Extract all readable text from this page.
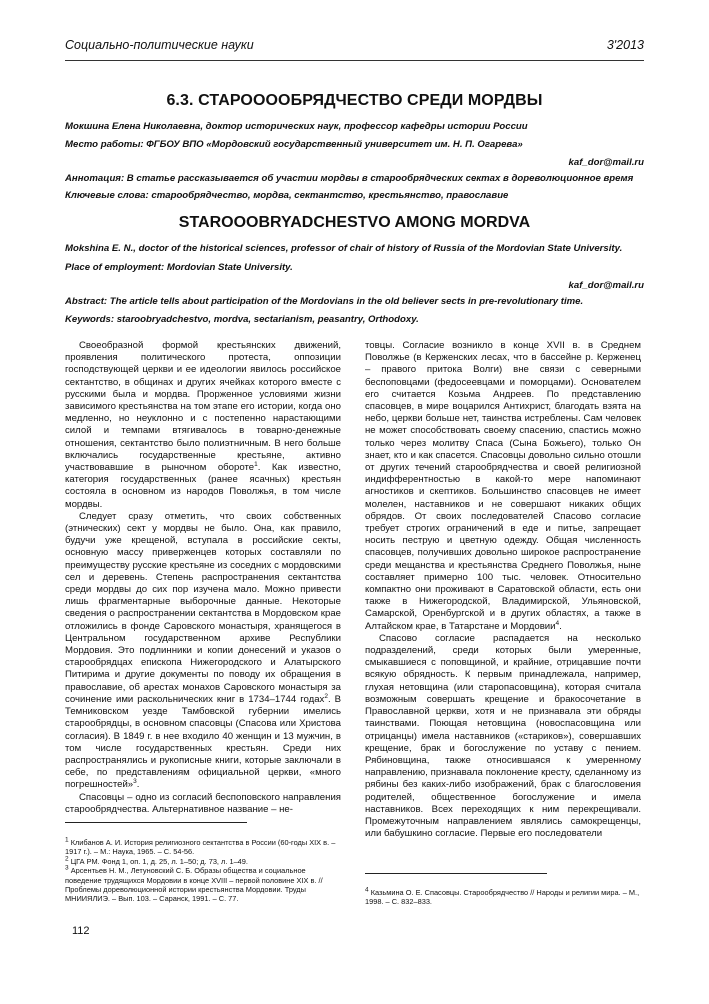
Социально-политические науки	3'2013
6.3. СТАРООООБРЯДЧЕСТВО СРЕДИ МОРДВЫ
Мокшина Елена Николаевна, доктор исторических наук, профессор кафедры истории России
Место работы: ФГБОУ ВПО «Мордовский государственный университет им. Н. П. Огарева»
kaf_dor@mail.ru
Аннотация: В статье рассказывается об участии мордвы в старообрядческих сектах в дореволюционное время
Ключевые слова: старообрядчество, мордва, сектантство, крестьянство, православие
STAROOOBRYADCHESTVO AMONG MORDVA
Mokshina E. N., doctor of the historical sciences, professor of chair of history of Russia of the Mordovian State University.
Place of employment: Mordovian State University.
kaf_dor@mail.ru
Abstract: The article tells about participation of the Mordovians in the old believer sects in pre-revolutionary time.
Keywords: staroobryadchestvo, mordva, sectarianism, peasantry, Orthodoxy.

Своеобразной формой крестьянских движений, проявления политического протеста, оппозиции господствующей церкви и ее идеологии явилось российское сектантство, в общинах и других ячейках которого вместе с русскими была и мордва. Прорженное условиями жизни зависимого крестьянства на том этапе его истории, когда оно медленно, но неуклонно и с постепенно нарастающими силой и темпами втягивалось в товарно-денежные отношения, сектантство было полиэтничным. В него больше включались государственные крестьяне, активно участвовавшие в рыночном обороте$^1$. Как известно, категория государственных (ранее ясачных) крестьян состояла в основном из народов Поволжья, в том числе мордвы.

Следует сразу отметить, что своих собственных (этнических) сект у мордвы не было. Она, как правило, будучи уже крещеной, вступала в российские секты, основную массу приверженцев которых составляли по преимуществу русские крестьяне из соседних с мордовскими сел и деревень. Степень распространения сектантства среди мордвы до сих пор изучена мало. Можно привести лишь фрагментарные выборочные данные. Некоторые сведения о распространении сектантства в Мордовском крае отложились в фонде Саровского монастыря, хранящегося в Центральном государственном архиве Республики Мордовия. Это подлинники и копии донесений и указов о старообрядцах епископа Нижегородского и Алатырского Питирима и другие документы по поводу их обращения в православие, об арестах монахов Саровского монастыря за сочинение ими раскольнических книг в 1734–1744 годах$^2$. В Темниковском уезде Тамбовской губернии имелись старообрядцы, в основном спасовцы (Спасова или Христова согласия). В 1849 г. в нее входило 40 женщин и 13 мужчин, в том числе государственных крестьян. Среди них распространялись и рукописные книги, которые заключали в себе, по представлениям официальной церкви, «много погрешностей»$^3$.

Спасовцы – одно из согласий беспоповского направления старообрядчества. Альтернативное название – не-

товцы. Согласие возникло в конце XVII в. в Среднем Поволжье (в Керженских лесах, что в бассейне р. Керженец – правого притока Волги) вне связи с северными беспоповцами (федосеевцами и поморцами). Основателем его считается Козьма Андреев. По представлению спасовцев, в мире воцарился Антихрист, благодать взята на небо, церкви больше нет, таинства истреблены. Сам человек не может способствовать своему спасению, спастись можно только через молитву Спаса (Сына Божьего), только Он знает, кто и как спасется. Спасовцы довольно сильно отошли от других течений старообрядчества и своей религиозной индифферентностью в какой-то мере напоминают агностиков и скептиков. Большинство спасовцев не имеет молелен, наставников и не совершают никаких общих обрядов. От своих последователей Спасово согласие требует строгих ограничений в еде и питье, запрещает носить пеструю и цветную одежду. Общая численность спасовцев, получивших довольно широкое распространение среди мещанства и крестьянства Среднего Поволжья, ныне составляет примерно 100 тыс. человек. Относительно компактно они проживают в Саратовской области, есть они также в Нижегородской, Владимирской, Ульяновской, Самарской, Оренбургской и в других областях, а также в Алтайском крае, в Татарстане и Мордовии$^4$.

Спасово согласие распадается на несколько подразделений, среди которых были умеренные, смыкавшиеся с поповщиной, и крайние, отрицавшие почти всякую обрядность. К первым принадлежала, например, глухая нетовщина (или старопасовщина), которая считала возможным совершать крещение и бракосочетание в Православной церкви, хотя и не признавала эти обряды таинствами. Поющая нетовщина (новоспасовщина или отрицанцы) имела наставников («стариков»), совершавших крещение, брак и богослужение по уставу с пением. Рябиновщина, также относившаяся к умеренному направлению, признавала поклонение кресту, сделанному из рябины без каких-либо изображений, брак с благословения родителей, общественное богослужение и имела наставников. Всех переходящих к ним перекрещивали. Промежуточным направлением являлись самокрещенцы, или бабушкино согласие. Первые его последователи

$^1$ Клибанов А. И. История религиозного сектантства в России (60-годы XIX в. – 1917 г.). – М.: Наука, 1965. – С. 54-56.

$^2$ ЦГА РМ. Фонд 1, оп. 1, д. 25, л. 1–50; д. 73, л. 1–49.

$^3$ Арсентьев Н. М., Летуновский С. Б. Образы общества и социальное поведение трудящихся Мордовии в конце XVIII – первой половине XIX в. // Проблемы дореволюционной истории крестьянства Мордовии. Труды МНИИЯЛИЭ. – Вып. 103. – Саранск, 1991. – С. 77.

$^4$ Казьмина О. Е. Спасовцы. Старообрядчество // Народы и религии мира. – М., 1998. – С. 832–833.

112
